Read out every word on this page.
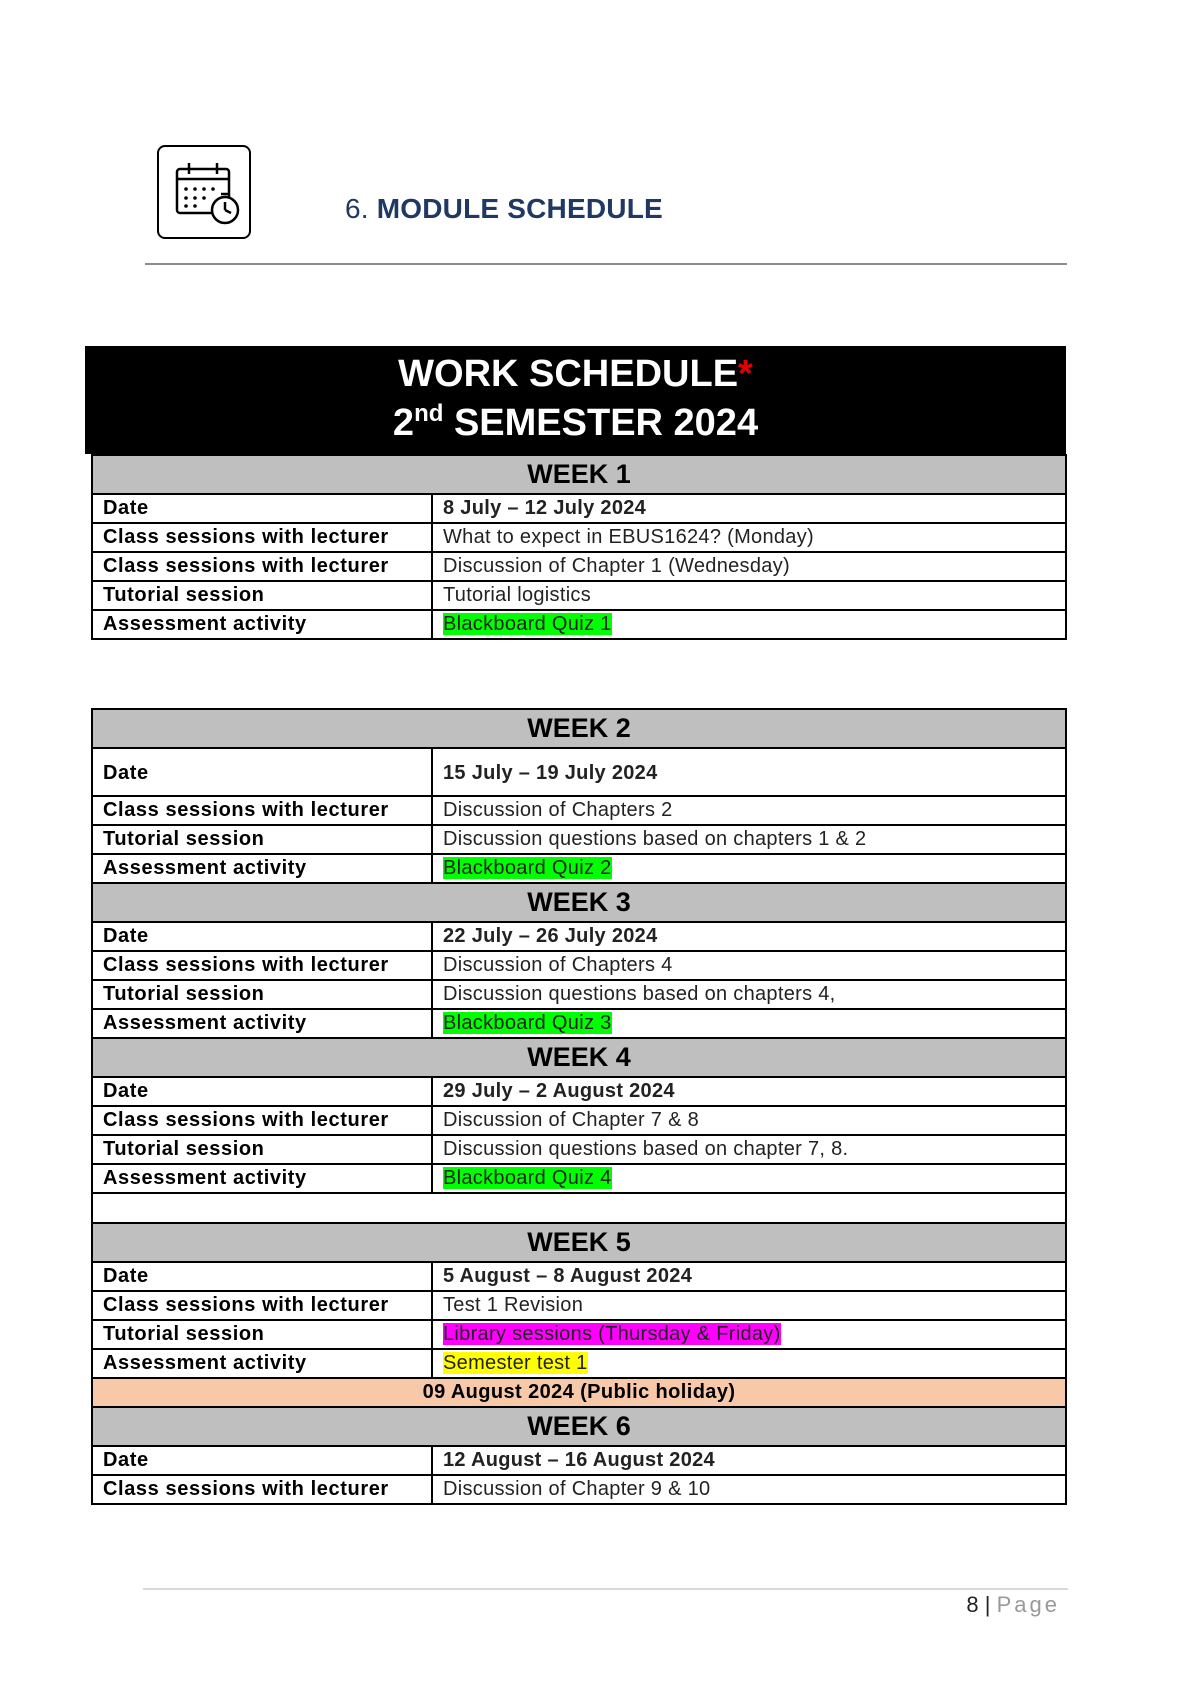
6. MODULE SCHEDULE
WORK SCHEDULE*
2nd SEMESTER 2024
WEEK 1	
Date	8 July – 12 July 2024
Class sessions with lecturer	What to expect in EBUS1624? (Monday)
Class sessions with lecturer	Discussion of Chapter 1 (Wednesday)
Tutorial session	Tutorial logistics
Assessment activity	Blackboard Quiz 1
WEEK 2	
Date	15 July – 19 July 2024
Class sessions with lecturer	Discussion of Chapters 2
Tutorial session	Discussion questions based on chapters 1 & 2
Assessment activity	Blackboard Quiz 2
WEEK 3	
Date	22 July – 26 July 2024
Class sessions with lecturer	Discussion of Chapters 4
Tutorial session	Discussion questions based on chapters 4,
Assessment activity	Blackboard Quiz 3
WEEK 4	
Date	29 July – 2 August 2024
Class sessions with lecturer	Discussion of Chapter 7 & 8
Tutorial session	Discussion questions based on chapter 7, 8.
Assessment activity	Blackboard Quiz 4

WEEK 5	
Date	5 August – 8 August 2024
Class sessions with lecturer	Test 1 Revision
Tutorial session	Library sessions (Thursday & Friday)
Assessment activity	Semester test 1
09 August 2024 (Public holiday)	
WEEK 6	
Date	12 August – 16 August 2024
Class sessions with lecturer	Discussion of Chapter 9 & 10
8 | Page
